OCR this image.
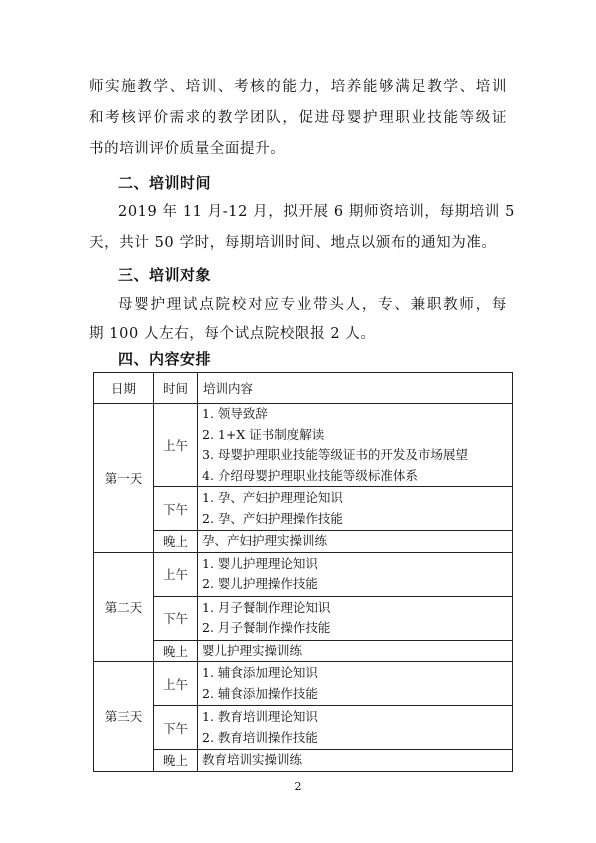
师实施教学、培训、考核的能力，培养能够满足教学、培训
和考核评价需求的教学团队，促进母婴护理职业技能等级证
书的培训评价质量全面提升。
二、培训时间
2019 年 11 月-12 月，拟开展 6 期师资培训，每期培训 5
天，共计 50 学时，每期培训时间、地点以颁布的通知为准。
三、培训对象
母婴护理试点院校对应专业带头人，专、兼职教师，每
期 100 人左右，每个试点院校限报 2 人。
四、内容安排
日期	时间	培训内容
第一天	上午	1. 领导致辞
2. 1+X 证书制度解读
3. 母婴护理职业技能等级证书的开发及市场展望
4. 介绍母婴护理职业技能等级标准体系

	下午	1. 孕、产妇护理理论知识
2. 孕、产妇护理操作技能

	晚上	孕、产妇护理实操训练

第二天	上午	1. 婴儿护理理论知识
2. 婴儿护理操作技能

	下午	1. 月子餐制作理论知识
2. 月子餐制作操作技能

	晚上	婴儿护理实操训练

第三天	上午	1. 辅食添加理论知识
2. 辅食添加操作技能

	下午	1. 教育培训理论知识
2. 教育培训操作技能

	晚上	教育培训实操训练
2
